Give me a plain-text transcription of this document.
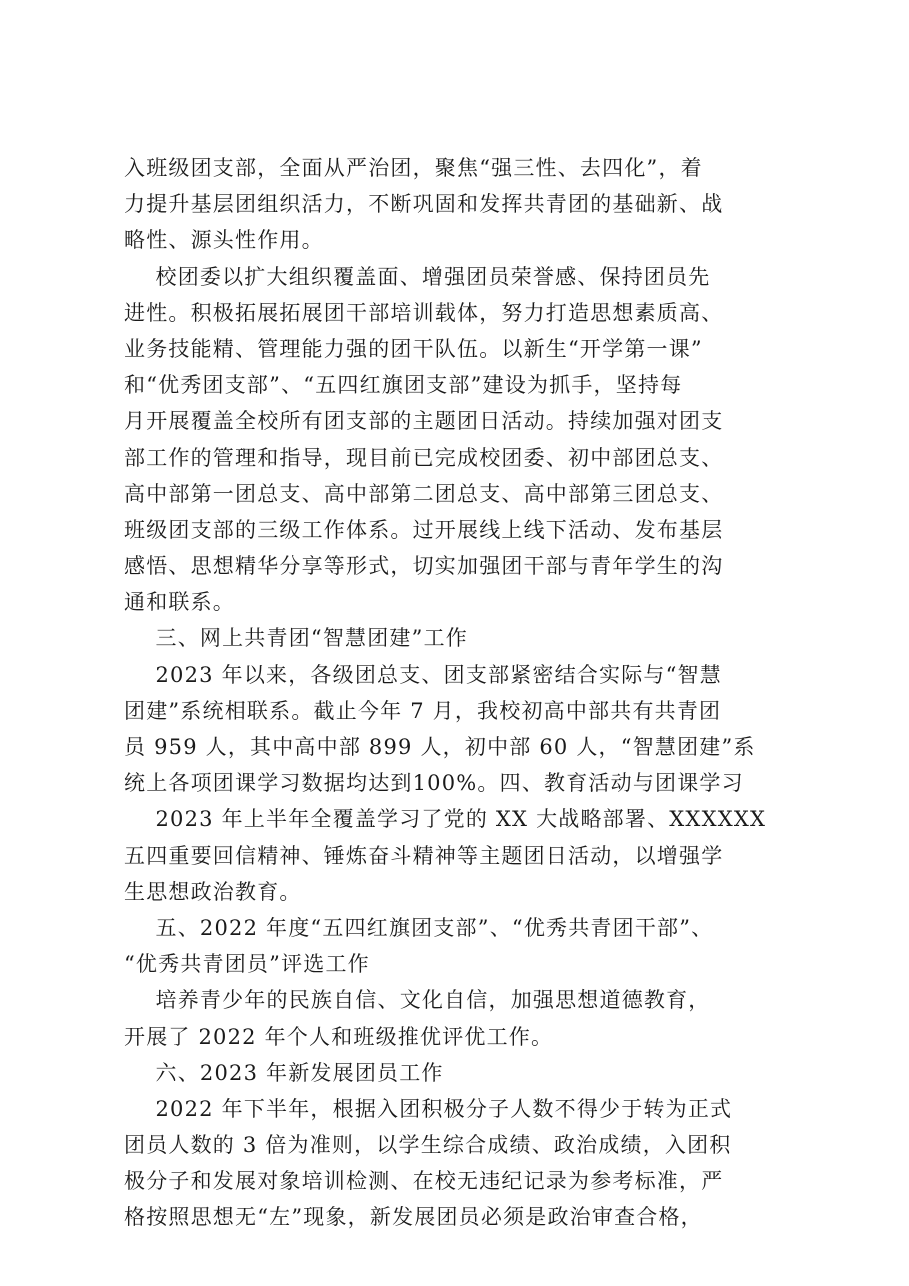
入班级团支部，全面从严治团，聚焦“强三性、去四化”，着
力提升基层团组织活力，不断巩固和发挥共青团的基础新、战
略性、源头性作用。
校团委以扩大组织覆盖面、增强团员荣誉感、保持团员先
进性。积极拓展拓展团干部培训载体，努力打造思想素质高、
业务技能精、管理能力强的团干队伍。以新生“开学第一课”
和“优秀团支部”、“五四红旗团支部”建设为抓手，坚持每
月开展覆盖全校所有团支部的主题团日活动。持续加强对团支
部工作的管理和指导，现目前已完成校团委、初中部团总支、
高中部第一团总支、高中部第二团总支、高中部第三团总支、
班级团支部的三级工作体系。过开展线上线下活动、发布基层
感悟、思想精华分享等形式，切实加强团干部与青年学生的沟
通和联系。
三、网上共青团“智慧团建”工作
2023 年以来，各级团总支、团支部紧密结合实际与“智慧
团建”系统相联系。截止今年 7 月，我校初高中部共有共青团
员 959 人，其中高中部 899 人，初中部 60 人，“智慧团建”系
统上各项团课学习数据均达到100%。四、教育活动与团课学习
2023 年上半年全覆盖学习了党的 XX 大战略部署、XXXXXX
五四重要回信精神、锤炼奋斗精神等主题团日活动，以增强学
生思想政治教育。
五、2022 年度“五四红旗团支部”、“优秀共青团干部”、
“优秀共青团员”评选工作
培养青少年的民族自信、文化自信，加强思想道德教育，
开展了 2022 年个人和班级推优评优工作。
六、2023 年新发展团员工作
2022 年下半年，根据入团积极分子人数不得少于转为正式
团员人数的 3 倍为准则，以学生综合成绩、政治成绩，入团积
极分子和发展对象培训检测、在校无违纪记录为参考标准，严
格按照思想无“左”现象，新发展团员必须是政治审查合格，
